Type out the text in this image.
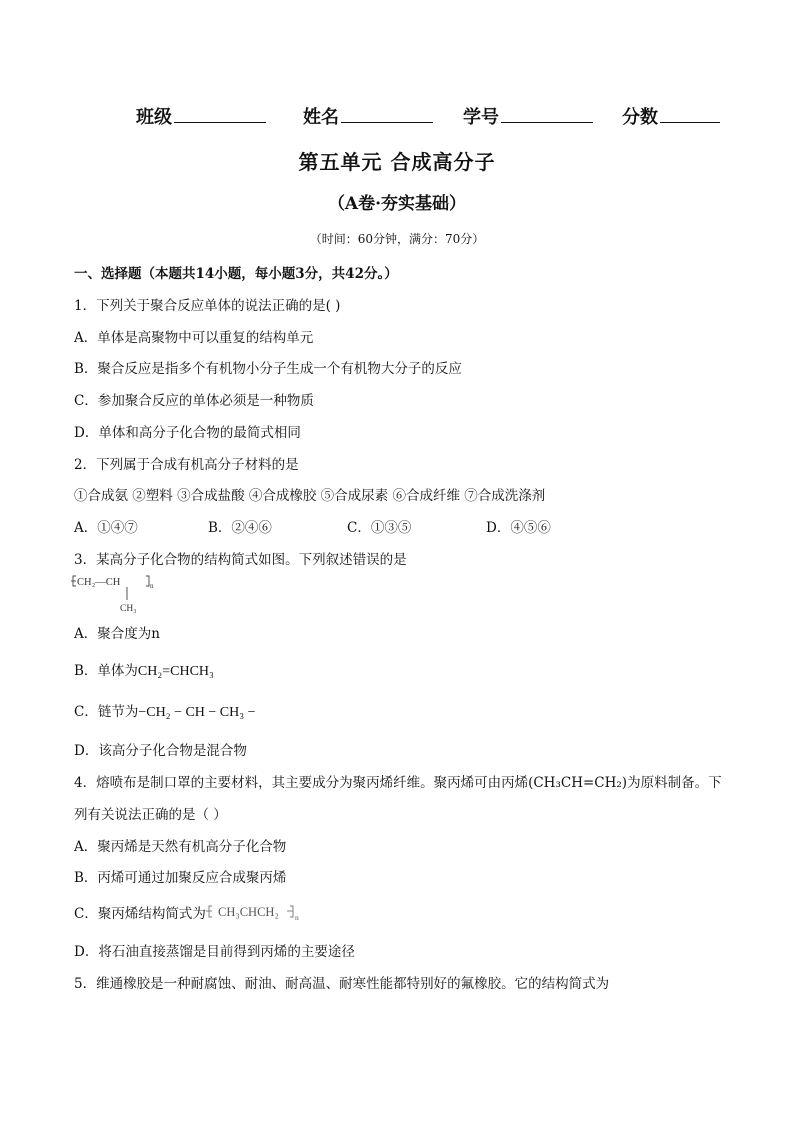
班级	姓名	学号	分数
第五单元 合成高分子
（A卷·夯实基础）
（时间：60分钟，满分：70分）
一、选择题（本题共14小题，每小题3分，共42分。）
1．下列关于聚合反应单体的说法正确的是( )
A．单体是高聚物中可以重复的结构单元
B．聚合反应是指多个有机物小分子生成一个有机物大分子的反应
C．参加聚合反应的单体必须是一种物质
D．单体和高分子化合物的最简式相同
2．下列属于合成有机高分子材料的是
①合成氨 ②塑料 ③合成盐酸 ④合成橡胶 ⑤合成尿素 ⑥合成纤维 ⑦合成洗涤剂
A．①④⑦	B．②④⑥	C．①③⑤	D．④⑤⑥
3．某高分子化合物的结构简式如图。下列叙述错误的是
CH₂—CH	n
CH₃
A．聚合度为n
B．单体为CH₂=CHCH₃
C．链节为−CH₂ − CH − CH₃ −
D．该高分子化合物是混合物
4．熔喷布是制口罩的主要材料，其主要成分为聚丙烯纤维。聚丙烯可由丙烯(CH₃CH=CH₂)为原料制备。下
列有关说法正确的是（ ）
A．聚丙烯是天然有机高分子化合物
B．丙烯可通过加聚反应合成聚丙烯
C．聚丙烯结构简式为 CH₃CHCH₂ n
D．将石油直接蒸馏是目前得到丙烯的主要途径
5．维通橡胶是一种耐腐蚀、耐油、耐高温、耐寒性能都特别好的氟橡胶。它的结构简式为
